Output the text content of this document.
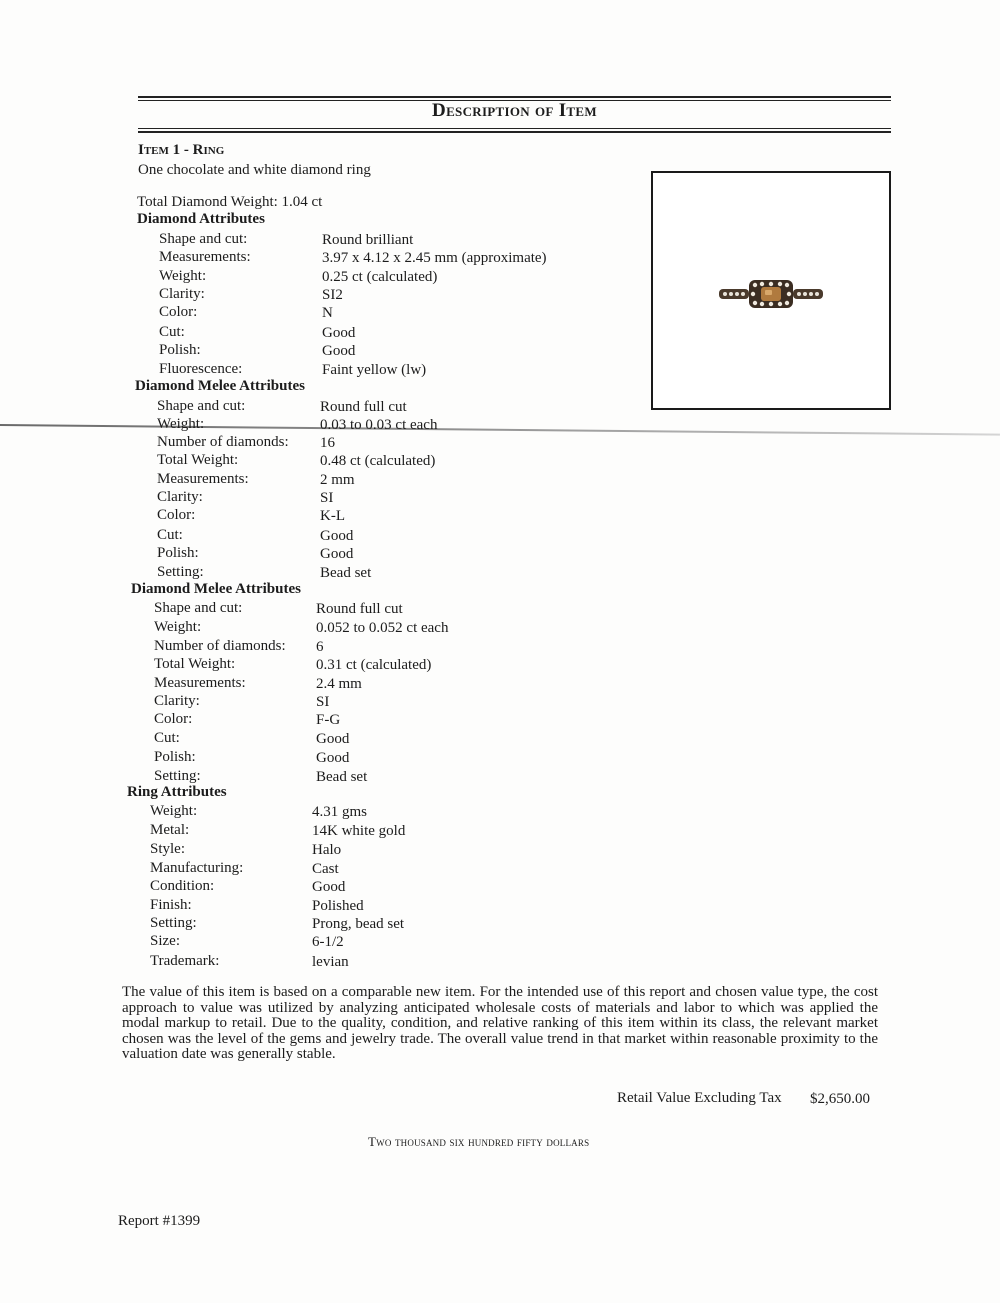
Description of Item
Item 1 - Ring
One chocolate and white diamond ring
Total Diamond Weight: 1.04 ct
Diamond Attributes
Shape and cut:	Round brilliant
Measurements:	3.97 x 4.12 x 2.45 mm (approximate)
Weight:	0.25 ct (calculated)
Clarity:	SI2
Color:	N
Cut:	Good
Polish:	Good
Fluorescence:	Faint yellow (lw)
Diamond Melee Attributes
Shape and cut:	Round full cut
Weight:	0.03 to 0.03 ct each
Number of diamonds: 16
Total Weight:	0.48 ct (calculated)
Measurements:	2 mm
Clarity:	SI
Color:	K-L
Cut:	Good
Polish:	Good
Setting:	Bead set
Diamond Melee Attributes
Shape and cut:	Round full cut
Weight:	0.052 to 0.052 ct each
Number of diamonds: 6
Total Weight:	0.31 ct (calculated)
Measurements:	2.4 mm
Clarity:	SI
Color:	F-G
Cut:	Good
Polish:	Good
Setting:	Bead set
Ring Attributes
Weight:	4.31 gms
Metal:	14K white gold
Style:	Halo
Manufacturing:	Cast
Condition:	Good
Finish:	Polished
Setting:	Prong, bead set
Size:	6-1/2
Trademark:	levian
The value of this item is based on a comparable new item. For the intended use of this report and chosen value type, the cost approach to value was utilized by analyzing anticipated wholesale costs of materials and labor to which was applied the modal markup to retail. Due to the quality, condition, and relative ranking of this item within its class, the relevant market chosen was the level of the gems and jewelry trade. The overall value trend in that market within reasonable proximity to the valuation date was generally stable.
Retail Value Excluding Tax $2,650.00
Two thousand six hundred fifty dollars
Report #1399
